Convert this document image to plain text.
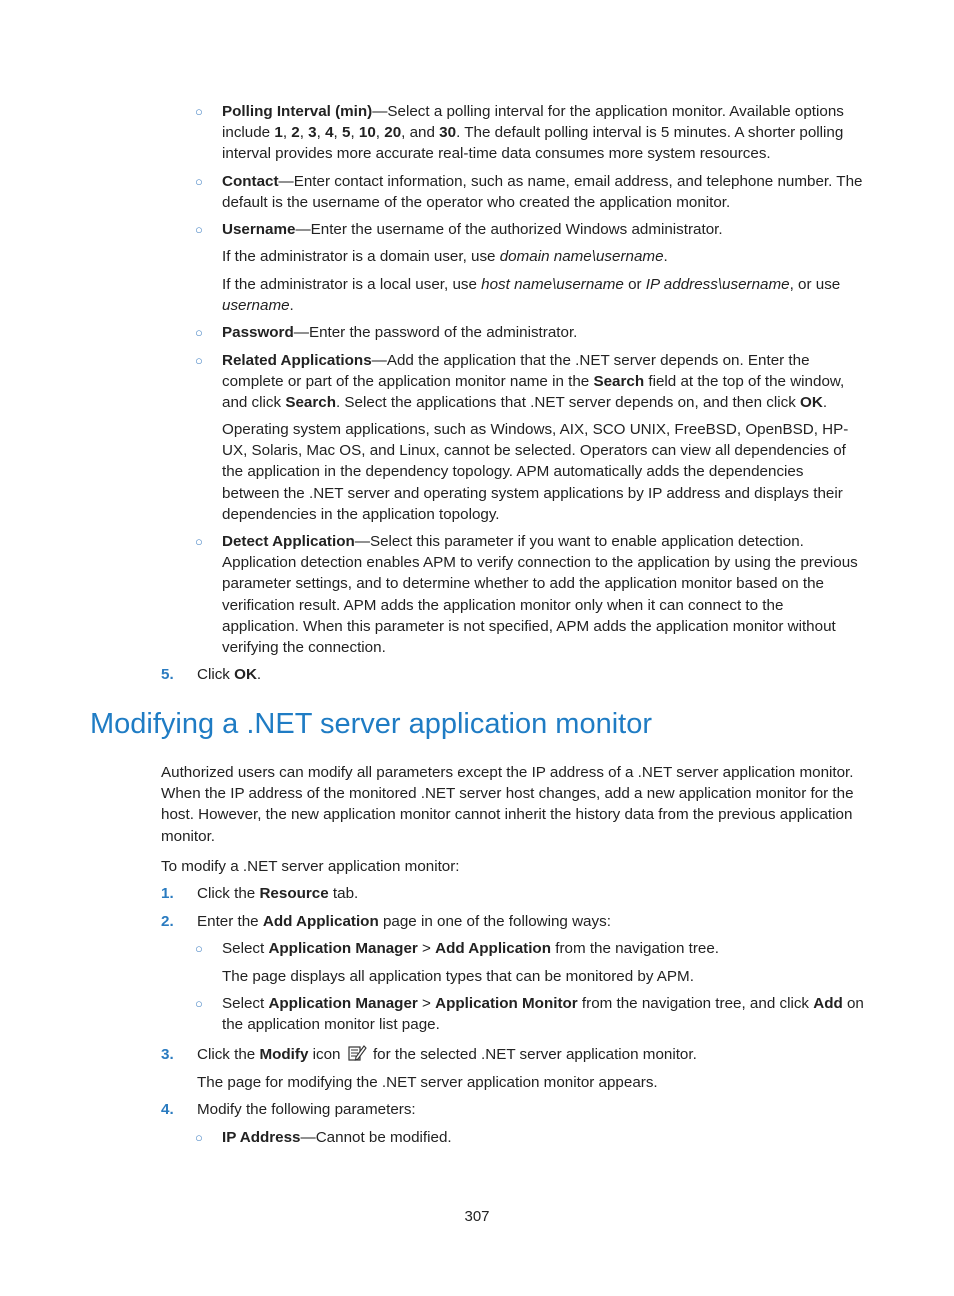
○ Polling Interval (min)—Select a polling interval for the application monitor. Available options include 1, 2, 3, 4, 5, 10, 20, and 30. The default polling interval is 5 minutes. A shorter polling interval provides more accurate real-time data consumes more system resources.

○ Contact—Enter contact information, such as name, email address, and telephone number. The default is the username of the operator who created the application monitor.

○ Username—Enter the username of the authorized Windows administrator.

If the administrator is a domain user, use domain name\username.

If the administrator is a local user, use host name\username or IP address\username, or use username.

○ Password—Enter the password of the administrator.

○ Related Applications—Add the application that the .NET server depends on. Enter the complete or part of the application monitor name in the Search field at the top of the window, and click Search. Select the applications that .NET server depends on, and then click OK.

Operating system applications, such as Windows, AIX, SCO UNIX, FreeBSD, OpenBSD, HP-UX, Solaris, Mac OS, and Linux, cannot be selected. Operators can view all dependencies of the application in the dependency topology. APM automatically adds the dependencies between the .NET server and operating system applications by IP address and displays their dependencies in the application topology.

○ Detect Application—Select this parameter if you want to enable application detection. Application detection enables APM to verify connection to the application by using the previous parameter settings, and to determine whether to add the application monitor based on the verification result. APM adds the application monitor only when it can connect to the application. When this parameter is not specified, APM adds the application monitor without verifying the connection.

5. Click OK.

Modifying a .NET server application monitor

Authorized users can modify all parameters except the IP address of a .NET server application monitor. When the IP address of the monitored .NET server host changes, add a new application monitor for the host. However, the new application monitor cannot inherit the history data from the previous application monitor.

To modify a .NET server application monitor:

1. Click the Resource tab.

2. Enter the Add Application page in one of the following ways:

○ Select Application Manager > Add Application from the navigation tree.

The page displays all application types that can be monitored by APM.

○ Select Application Manager > Application Monitor from the navigation tree, and click Add on the application monitor list page.

3. Click the Modify icon  for the selected .NET server application monitor.

The page for modifying the .NET server application monitor appears.

4. Modify the following parameters:

○ IP Address—Cannot be modified.

307
